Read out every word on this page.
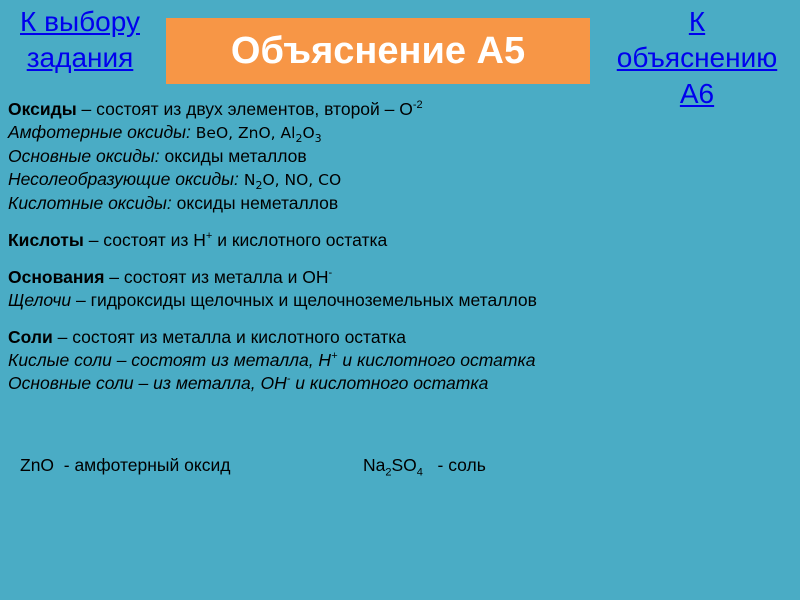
К выбору
задания	Объяснение А5
К
объяснению
А6
Оксиды – состоят из двух элементов, второй – $О^{-2}$
Амфотерные оксиды: BeO, ZnO, $Al_2O_3$
Основные оксиды: оксиды металлов
Несолеобразующие оксиды: $N_2O$, NO, CO
Кислотные оксиды: оксиды неметаллов
Кислоты – состоят из Н+ и кислотного остатка
Основания – состоят из металла и ОН-
Щелочи – гидроксиды щелочных и щелочноземельных металлов
Соли – состоят из металла и кислотного остатка
Кислые соли – состоят из металла, Н+ и кислотного остатка
Основные соли – из металла, ОН- и кислотного остатка
ZnO  - амфотерный оксид	$Na_2SO_4$   - соль
